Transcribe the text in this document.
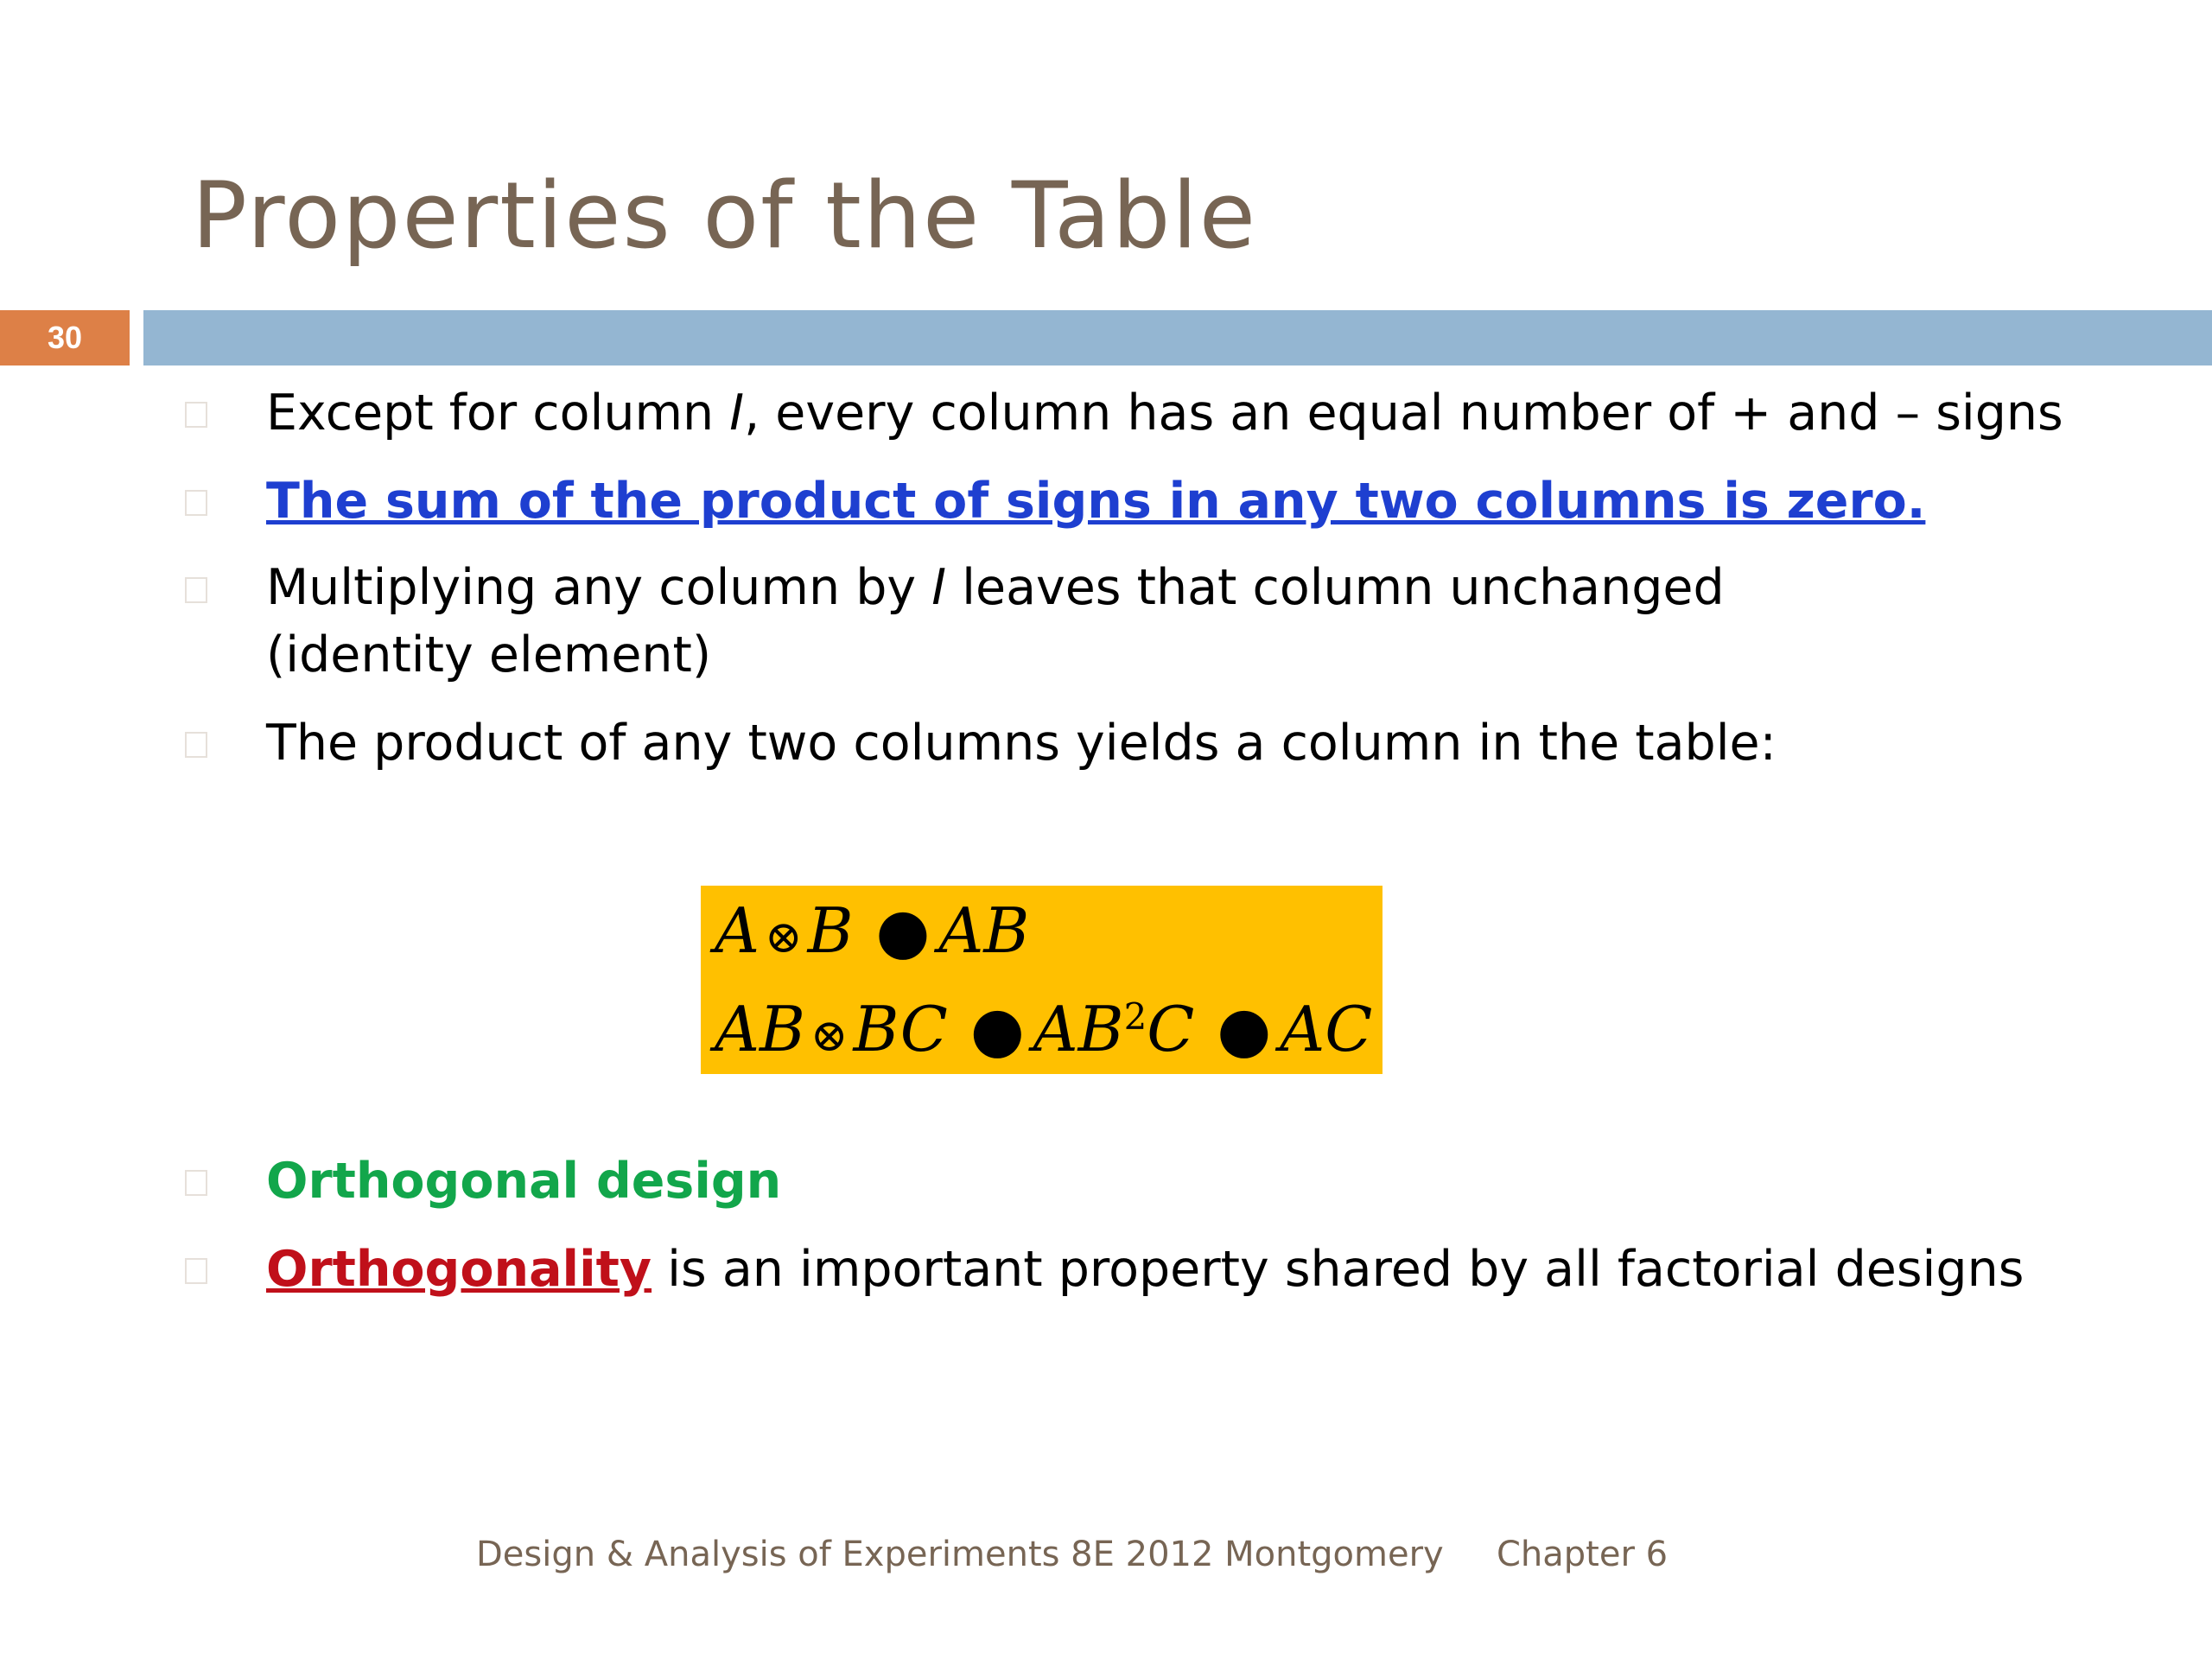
Properties of the Table
30
Except for column I, every column has an equal number of + and – signs
The sum of the product of signs in any two columns is zero.
Multiplying any column by I leaves that column unchanged (identity element)
The product of any two columns yields a column in the table:
Orthogonal design
Orthogonality is an important property shared by all factorial designs
A ⊗B ● AB
AB ⊗BC ● $AB^2C$ ● AC
Design & Analysis of Experiments 8E 2012 Montgomery Chapter 6
